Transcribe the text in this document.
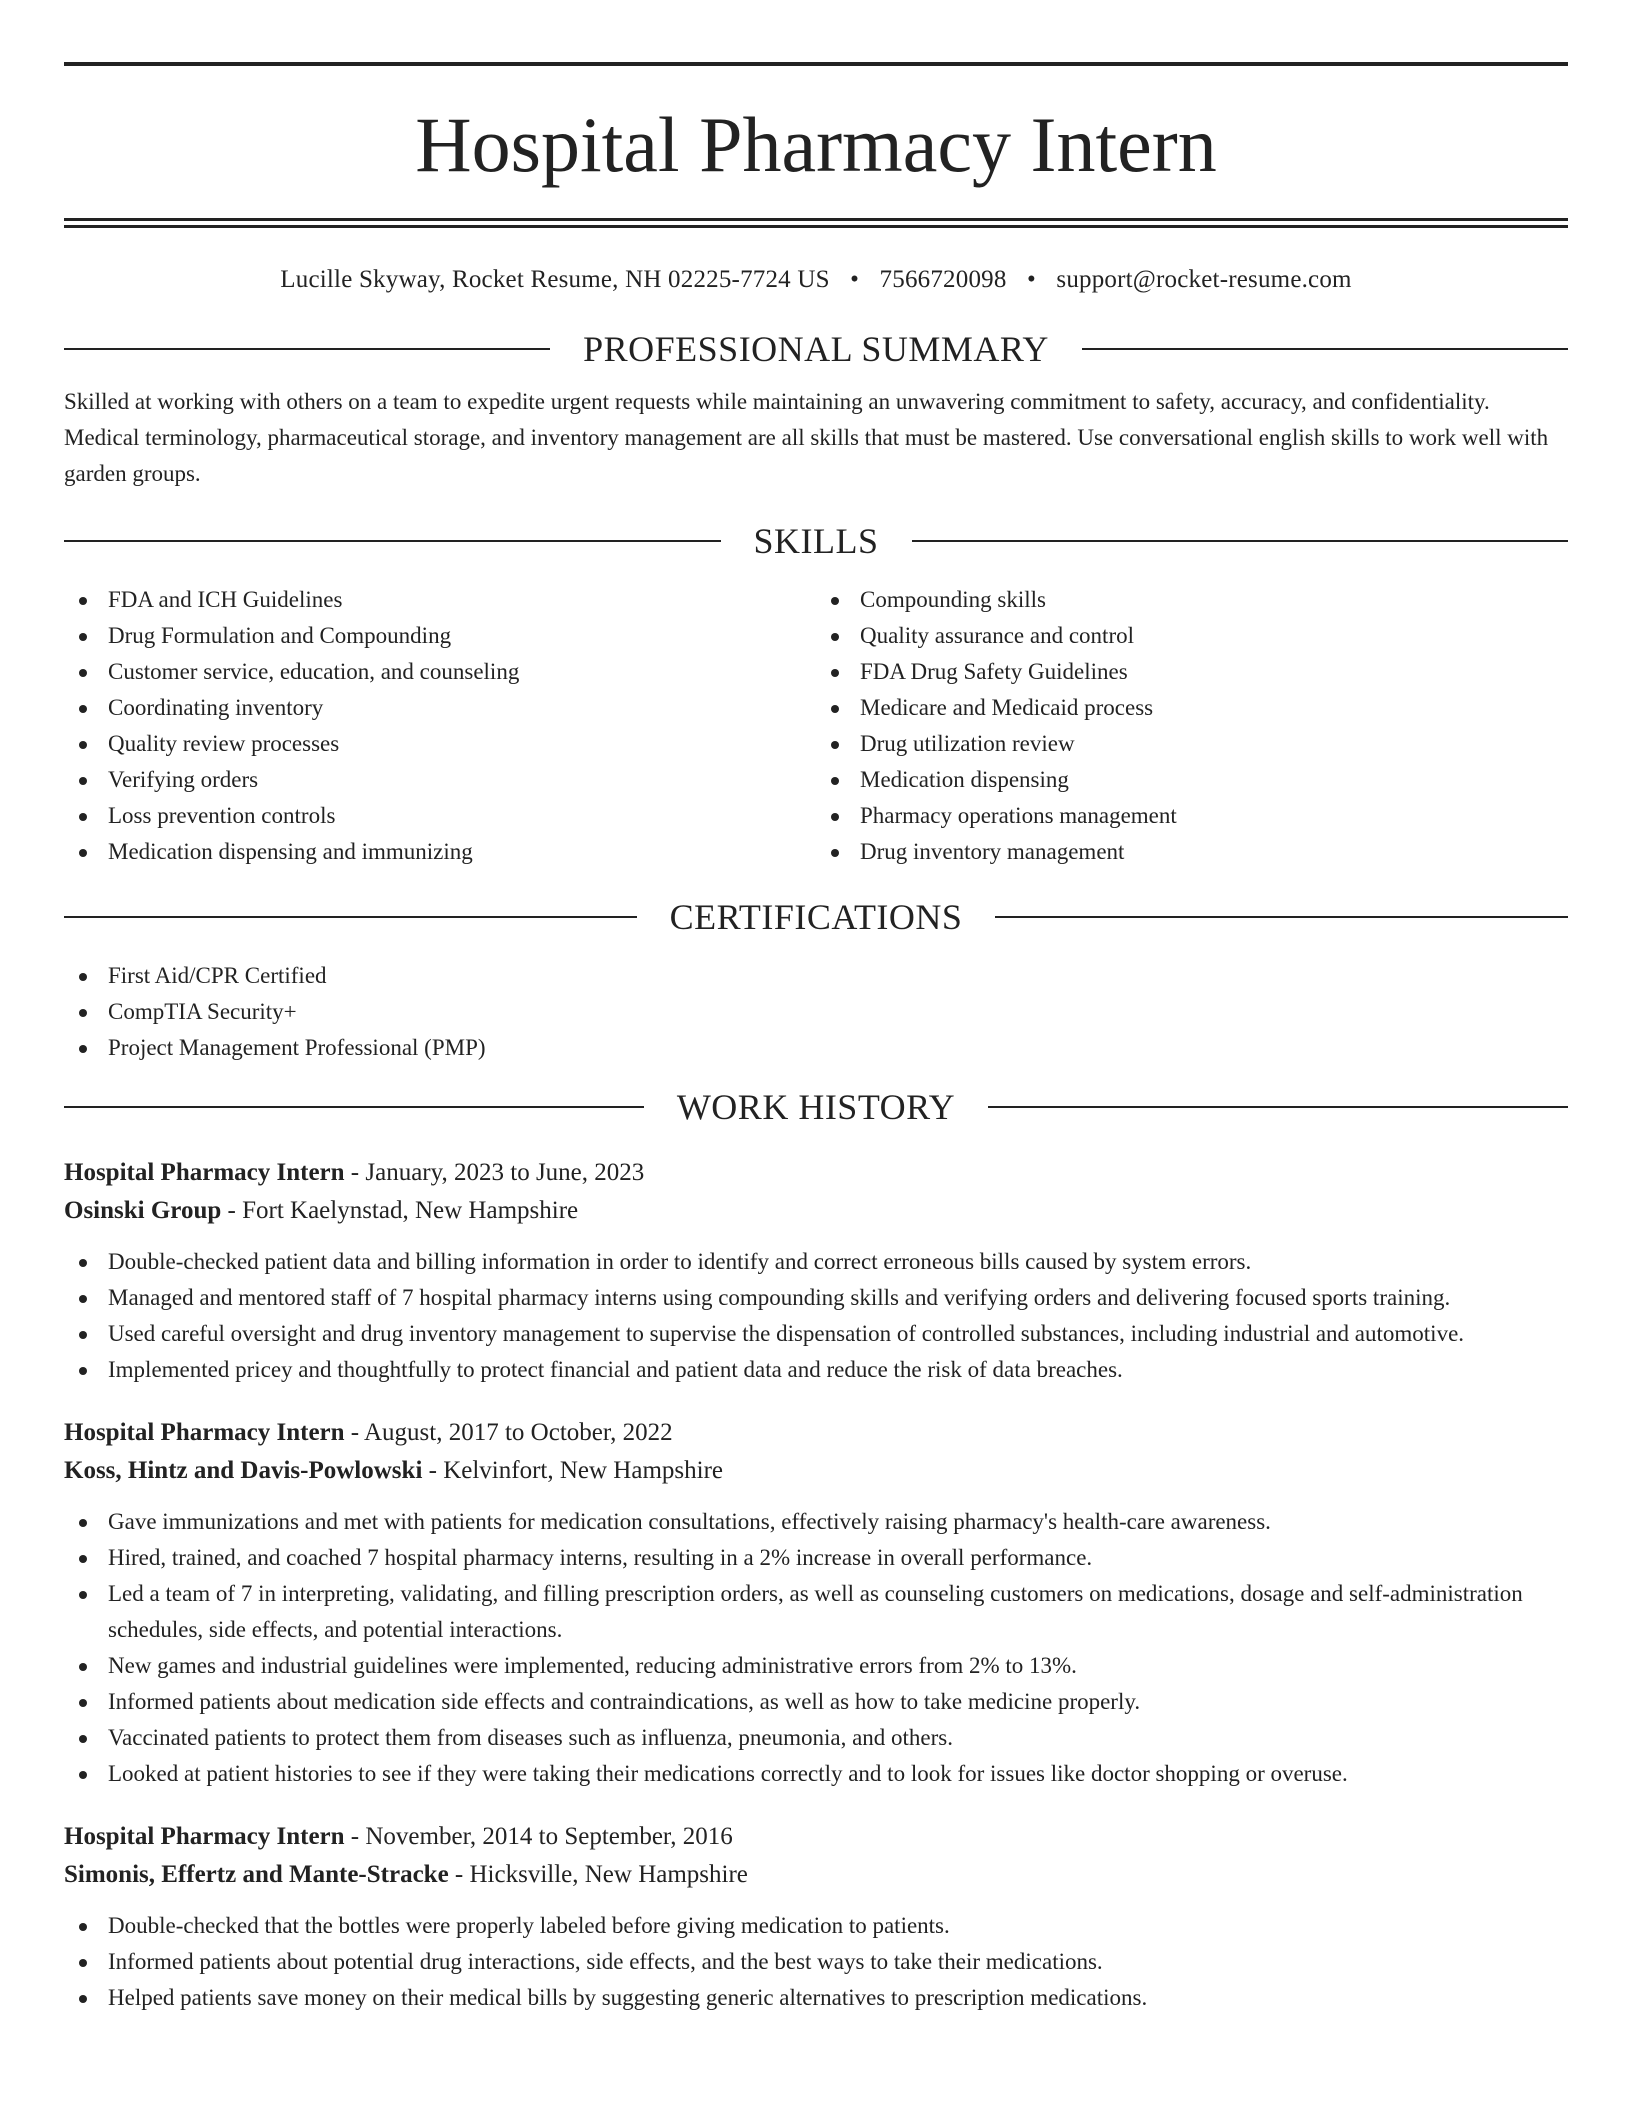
Hospital Pharmacy Intern
Lucille Skyway, Rocket Resume, NH 02225-7724 US • 7566720098 • support@rocket-resume.com
PROFESSIONAL SUMMARY
Skilled at working with others on a team to expedite urgent requests while maintaining an unwavering commitment to safety, accuracy, and confidentiality. Medical terminology, pharmaceutical storage, and inventory management are all skills that must be mastered. Use conversational english skills to work well with garden groups.
SKILLS
FDA and ICH Guidelines
Drug Formulation and Compounding
Customer service, education, and counseling
Coordinating inventory
Quality review processes
Verifying orders
Loss prevention controls
Medication dispensing and immunizing
Compounding skills
Quality assurance and control
FDA Drug Safety Guidelines
Medicare and Medicaid process
Drug utilization review
Medication dispensing
Pharmacy operations management
Drug inventory management
CERTIFICATIONS
First Aid/CPR Certified
CompTIA Security+
Project Management Professional (PMP)
WORK HISTORY
Hospital Pharmacy Intern - January, 2023 to June, 2023
Osinski Group - Fort Kaelynstad, New Hampshire
Double-checked patient data and billing information in order to identify and correct erroneous bills caused by system errors.
Managed and mentored staff of 7 hospital pharmacy interns using compounding skills and verifying orders and delivering focused sports training.
Used careful oversight and drug inventory management to supervise the dispensation of controlled substances, including industrial and automotive.
Implemented pricey and thoughtfully to protect financial and patient data and reduce the risk of data breaches.
Hospital Pharmacy Intern - August, 2017 to October, 2022
Koss, Hintz and Davis-Powlowski - Kelvinfort, New Hampshire
Gave immunizations and met with patients for medication consultations, effectively raising pharmacy's health-care awareness.
Hired, trained, and coached 7 hospital pharmacy interns, resulting in a 2% increase in overall performance.
Led a team of 7 in interpreting, validating, and filling prescription orders, as well as counseling customers on medications, dosage and self-administration schedules, side effects, and potential interactions.
New games and industrial guidelines were implemented, reducing administrative errors from 2% to 13%.
Informed patients about medication side effects and contraindications, as well as how to take medicine properly.
Vaccinated patients to protect them from diseases such as influenza, pneumonia, and others.
Looked at patient histories to see if they were taking their medications correctly and to look for issues like doctor shopping or overuse.
Hospital Pharmacy Intern - November, 2014 to September, 2016
Simonis, Effertz and Mante-Stracke - Hicksville, New Hampshire
Double-checked that the bottles were properly labeled before giving medication to patients.
Informed patients about potential drug interactions, side effects, and the best ways to take their medications.
Helped patients save money on their medical bills by suggesting generic alternatives to prescription medications.
